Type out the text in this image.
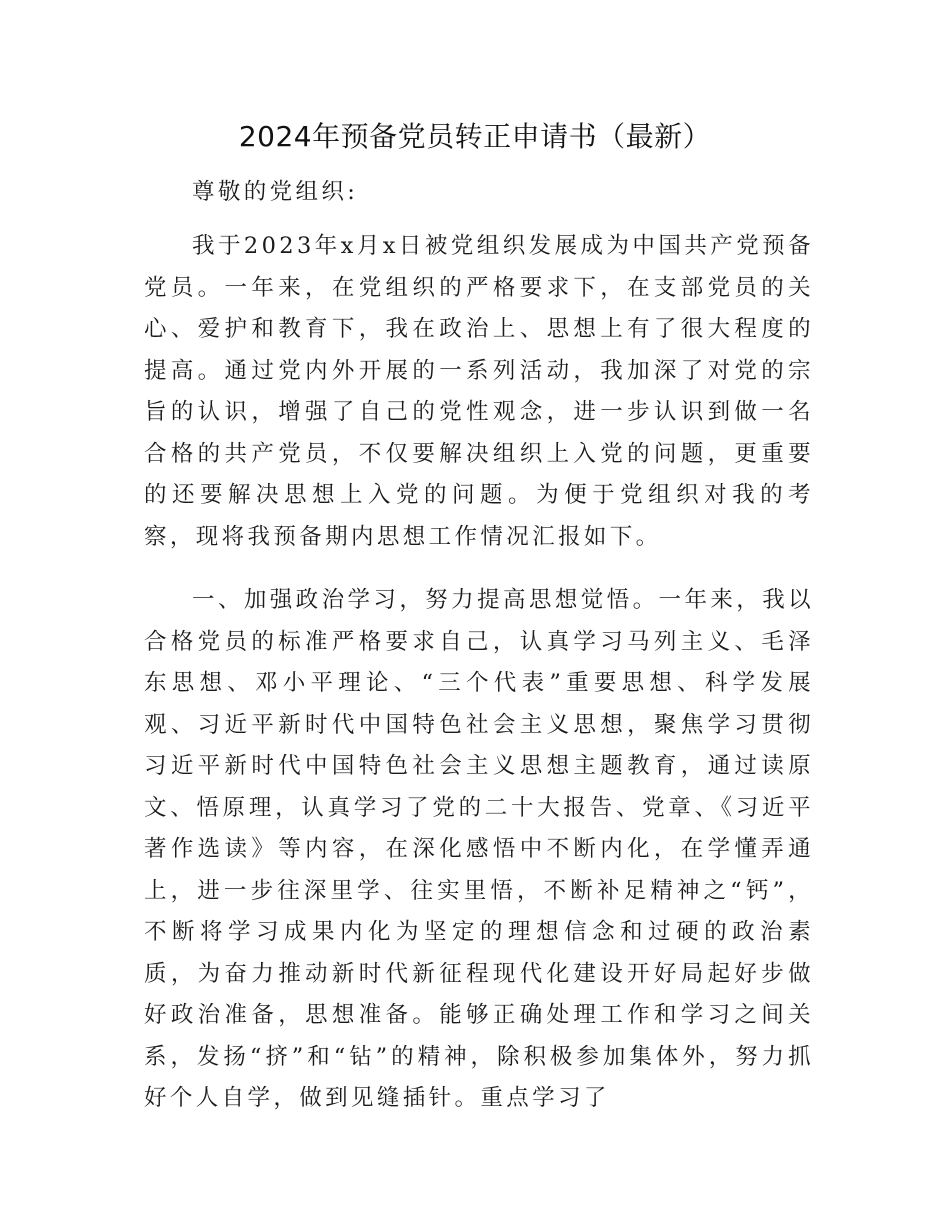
2024年预备党员转正申请书（最新）
尊敬的党组织:
我于2023年x月x日被党组织发展成为中国共产党预备党员。一年来，在党组织的严格要求下，在支部党员的关心、爱护和教育下，我在政治上、思想上有了很大程度的提高。通过党内外开展的一系列活动，我加深了对党的宗旨的认识，增强了自己的党性观念，进一步认识到做一名合格的共产党员，不仅要解决组织上入党的问题，更重要的还要解决思想上入党的问题。为便于党组织对我的考察，现将我预备期内思想工作情况汇报如下。
一、加强政治学习，努力提高思想觉悟。一年来，我以合格党员的标准严格要求自己，认真学习马列主义、毛泽东思想、邓小平理论、“三个代表”重要思想、科学发展观、习近平新时代中国特色社会主义思想，聚焦学习贯彻习近平新时代中国特色社会主义思想主题教育，通过读原文、悟原理，认真学习了党的二十大报告、党章、《习近平著作选读》等内容，在深化感悟中不断内化，在学懂弄通上，进一步往深里学、往实里悟，不断补足精神之“钙”，不断将学习成果内化为坚定的理想信念和过硬的政治素质，为奋力推动新时代新征程现代化建设开好局起好步做好政治准备，思想准备。能够正确处理工作和学习之间关系，发扬“挤”和“钻”的精神，除积极参加集体外，努力抓好个人自学，做到见缝插针。重点学习了
